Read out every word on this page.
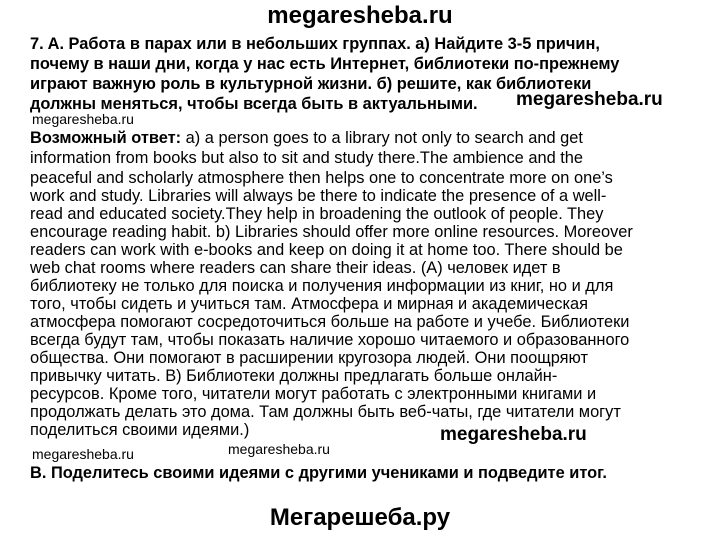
megaresheba.ru
7. A. Работа в парах или в небольших группах. а) Найдите 3-5 причин,
почему в наши дни, когда у нас есть Интернет, библиотеки по-прежнему
играют важную роль в культурной жизни. б) решите, как библиотеки
должны меняться, чтобы всегда быть в актуальными. megaresheba.ru
megaresheba.ru
Возможный ответ: a) a person goes to a library not only to search and get
information from books but also to sit and study there.The ambience and the
peaceful and scholarly atmosphere then helps one to concentrate more on one’s
work and study. Libraries will always be there to indicate the presence of a well-
read and educated society.They help in broadening the outlook of people. They
encourage reading habit. b) Libraries should offer more online resources. Moreover
readers can work with e-books and keep on doing it at home too. There should be
web chat rooms where readers can share their ideas. (A) человек идет в
библиотеку не только для поиска и получения информации из книг, но и для
того, чтобы сидеть и учиться там. Атмосфера и мирная и академическая
атмосфера помогают сосредоточиться больше на работе и учебе. Библиотеки
всегда будут там, чтобы показать наличие хорошо читаемого и образованного
общества. Они помогают в расширении кругозора людей. Они поощряют
привычку читать. B) Библиотеки должны предлагать больше онлайн-
ресурсов. Кроме того, читатели могут работать с электронными книгами и
продолжать делать это дома. Там должны быть веб-чаты, где читатели могут
поделиться своими идеями.)	megaresheba.ru
megaresheba.ru
megaresheba.ru
B. Поделитесь своими идеями с другими учениками и подведите итог.
Мегарешеба.ру
